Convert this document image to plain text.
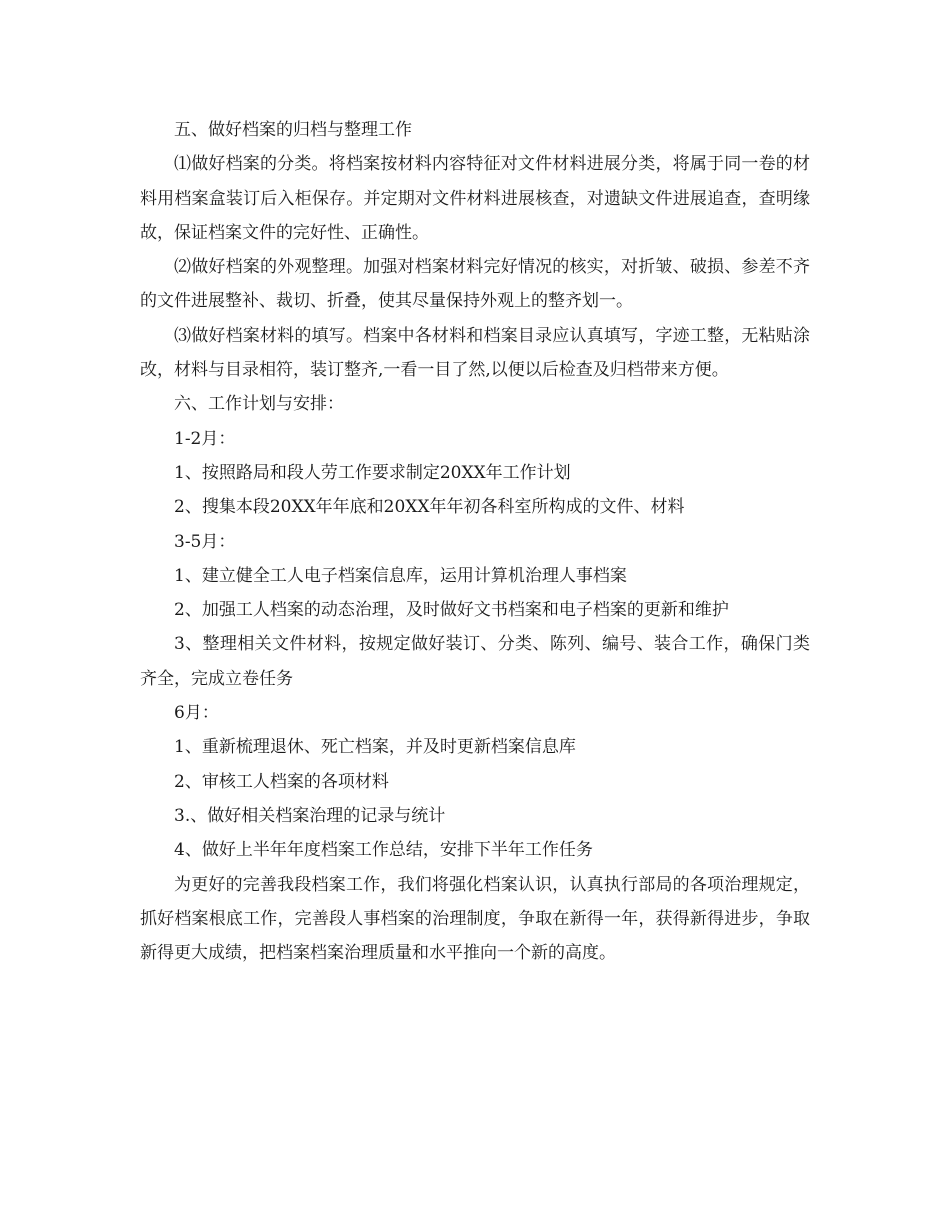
五、做好档案的归档与整理工作

⑴做好档案的分类。将档案按材料内容特征对文件材料进展分类，将属于同一卷的材料用档案盒装订后入柜保存。并定期对文件材料进展核查，对遗缺文件进展追查，查明缘故，保证档案文件的完好性、正确性。

⑵做好档案的外观整理。加强对档案材料完好情况的核实，对折皱、破损、参差不齐的文件进展整补、裁切、折叠，使其尽量保持外观上的整齐划一。

⑶做好档案材料的填写。档案中各材料和档案目录应认真填写，字迹工整，无粘贴涂改，材料与目录相符，装订整齐,一看一目了然,以便以后检查及归档带来方便。

六、工作计划与安排：

1-2月：

1、按照路局和段人劳工作要求制定20XX年工作计划

2、搜集本段20XX年年底和20XX年年初各科室所构成的文件、材料

3-5月：

1、建立健全工人电子档案信息库，运用计算机治理人事档案

2、加强工人档案的动态治理，及时做好文书档案和电子档案的更新和维护

3、整理相关文件材料，按规定做好装订、分类、陈列、编号、装合工作，确保门类齐全，完成立卷任务

6月：

1、重新梳理退休、死亡档案，并及时更新档案信息库

2、审核工人档案的各项材料

3.、做好相关档案治理的记录与统计

4、做好上半年年度档案工作总结，安排下半年工作任务

为更好的完善我段档案工作，我们将强化档案认识，认真执行部局的各项治理规定，抓好档案根底工作，完善段人事档案的治理制度，争取在新得一年，获得新得进步，争取新得更大成绩，把档案档案治理质量和水平推向一个新的高度。
